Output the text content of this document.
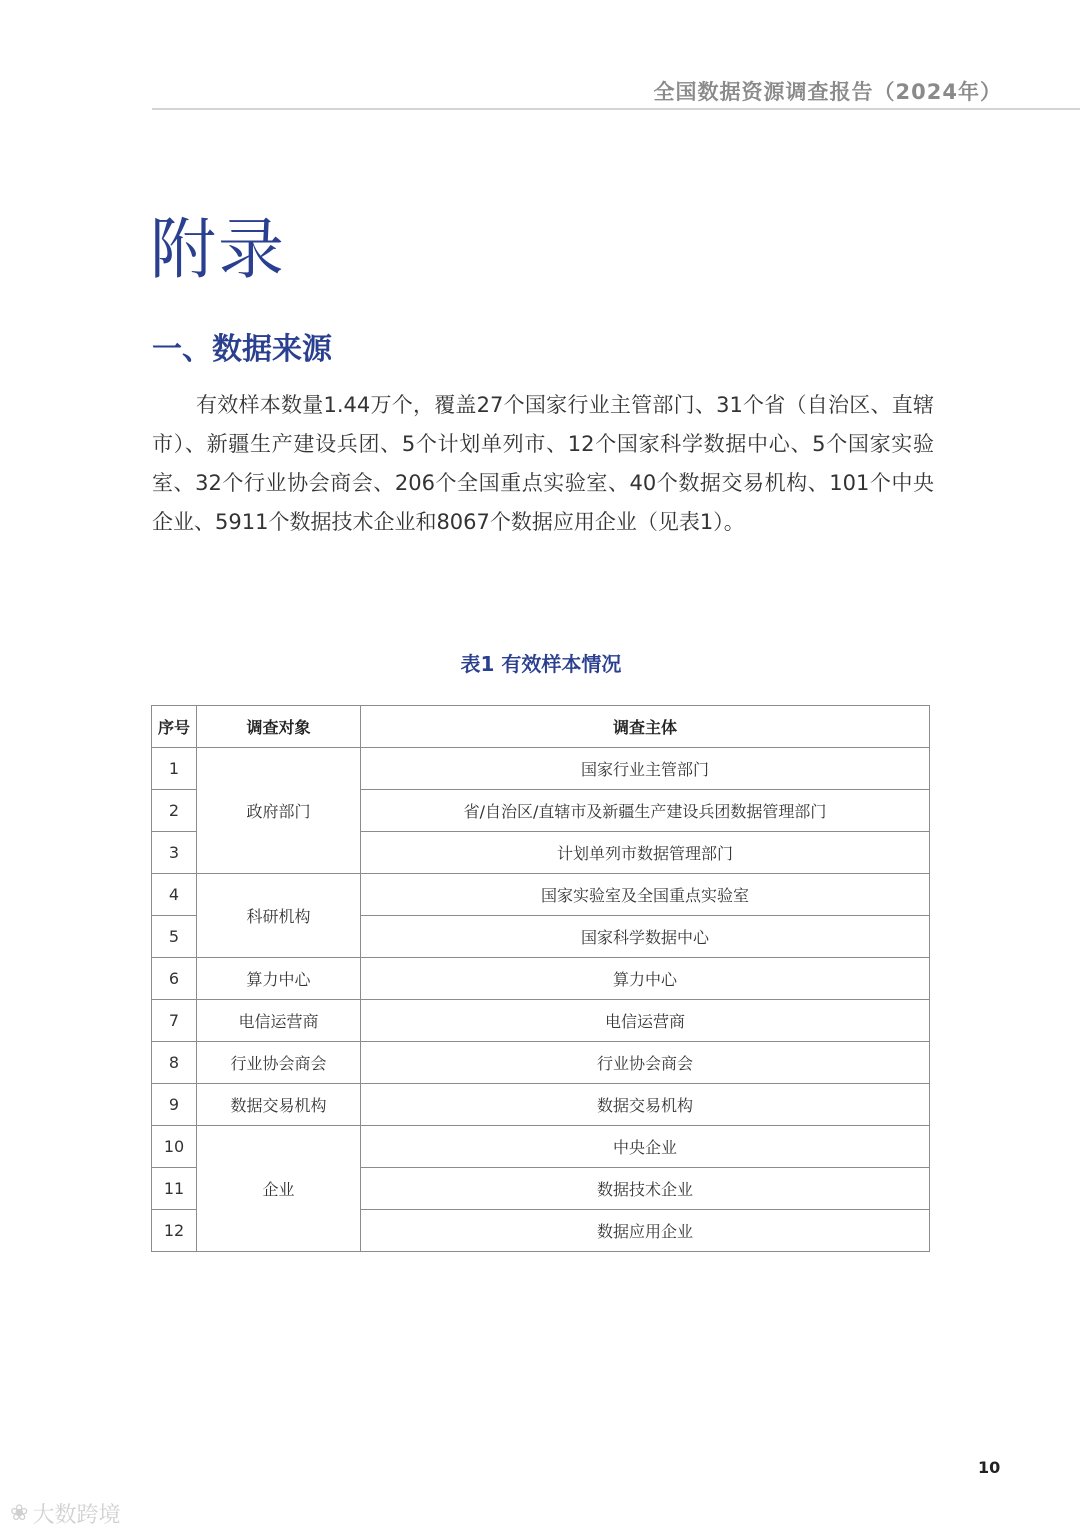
全国数据资源调查报告（2024年）
附录
一、数据来源

有效样本数量1.44万个，覆盖27个国家行业主管部门、31个省（自治区、直辖市）、新疆生产建设兵团、5个计划单列市、12个国家科学数据中心、5个国家实验室、32个行业协会商会、206个全国重点实验室、40个数据交易机构、101个中央企业、5911个数据技术企业和8067个数据应用企业（见表1）。

表1 有效样本情况
序号	调查对象	调查主体
1	政府部门	国家行业主管部门
2		省/自治区/直辖市及新疆生产建设兵团数据管理部门
3		计划单列市数据管理部门
4	科研机构	国家实验室及全国重点实验室
5		国家科学数据中心
6	算力中心	算力中心
7	电信运营商	电信运营商
8	行业协会商会	行业协会商会
9	数据交易机构	数据交易机构
10	企业	中央企业
11		数据技术企业
12		数据应用企业
10
❀ 大数跨境
